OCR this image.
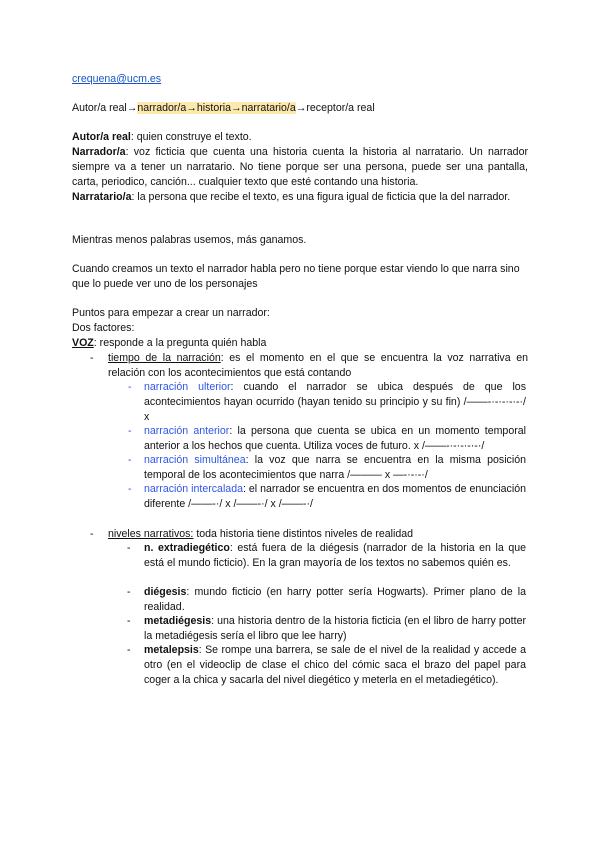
crequena@ucm.es

Autor/a real→narrador/a→historia→narratario/a→receptor/a real

Autor/a real: quien construye el texto.
Narrador/a: voz ficticia que cuenta una historia cuenta la historia al narratario. Un narrador siempre va a tener un narratario. No tiene porque ser una persona, puede ser una pantalla, carta, periodico, canción... cualquier texto que esté contando una historia.
Narratario/a: la persona que recibe el texto, es una figura igual de ficticia que la del narrador.

Mientras menos palabras usemos, más ganamos.

Cuando creamos un texto el narrador habla pero no tiene porque estar viendo lo que narra sino que lo puede ver uno de los personajes

Puntos para empezar a crear un narrador:

Dos factores:

VOZ: responde a la pregunta quién habla

- tiempo de la narración: es el momento en el que se encuentra la voz narrativa en relación con los acontecimientos que está contando
- narración ulterior: cuando el narrador se ubica después de que los acontecimientos hayan ocurrido (hayan tenido su principio y su fin) /——-·-·-·-·-·/ x
- narración anterior: la persona que cuenta se ubica en un momento temporal anterior a los hechos que cuenta. Utiliza voces de futuro. x /——-·-·-·-·-·/
- narración simultánea: la voz que narra se encuentra en la misma posición temporal de los acontecimientos que narra /——— x —-·-·-·/
- narración intercalada: el narrador se encuentra en dos momentos de enunciación diferente /——-·/ x /——-·/ x /——-·/
- niveles narrativos: toda historia tiene distintos niveles de realidad
- n. extradiegético: está fuera de la diégesis (narrador de la historia en la que está el mundo ficticio). En la gran mayoría de los textos no sabemos quién es.
- diégesis: mundo ficticio (en harry potter sería Hogwarts). Primer plano de la realidad.
- metadiégesis: una historia dentro de la historia ficticia (en el libro de harry potter la metadiégesis sería el libro que lee harry)
- metalepsis: Se rompe una barrera, se sale de el nivel de la realidad y accede a otro (en el videoclip de clase el chico del cómic saca el brazo del papel para coger a la chica y sacarla del nivel diegético y meterla en el metadiegético).
